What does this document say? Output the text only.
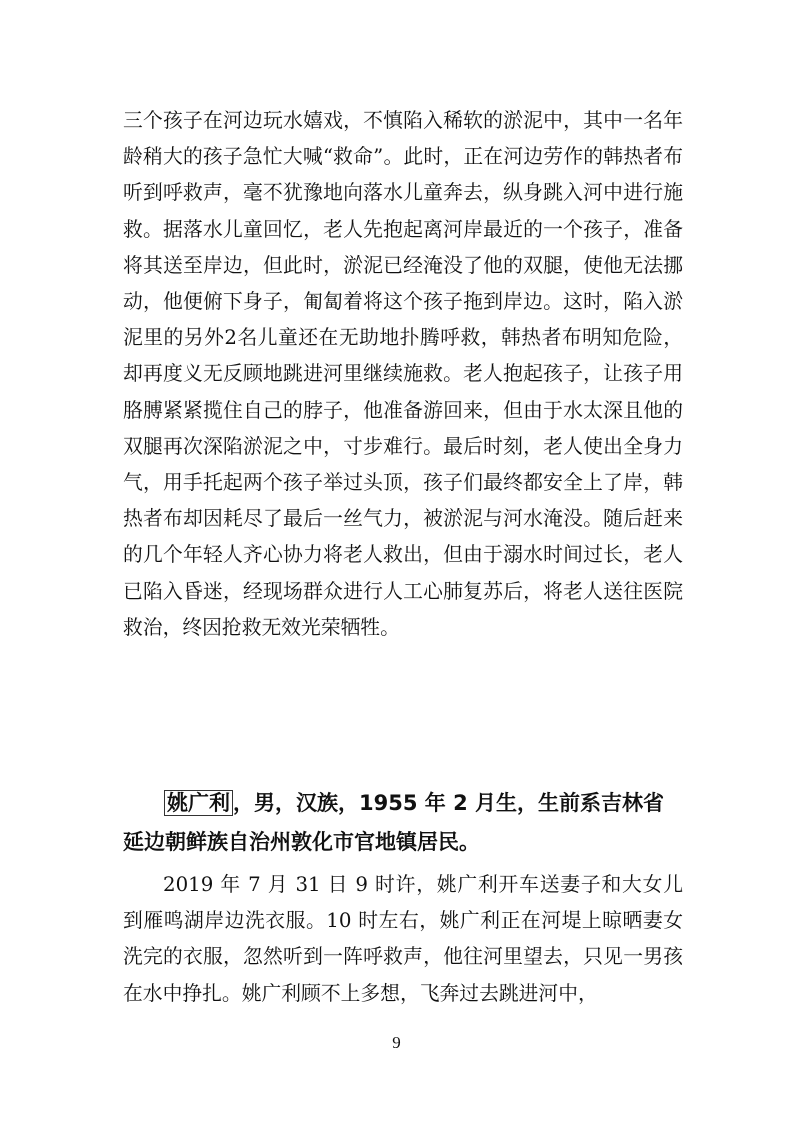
三个孩子在河边玩水嬉戏，不慎陷入稀软的淤泥中，其中一名年龄稍大的孩子急忙大喊“救命”。此时，正在河边劳作的韩热者布听到呼救声，毫不犹豫地向落水儿童奔去，纵身跳入河中进行施救。据落水儿童回忆，老人先抱起离河岸最近的一个孩子，准备将其送至岸边，但此时，淤泥已经淹没了他的双腿，使他无法挪动，他便俯下身子，匍匐着将这个孩子拖到岸边。这时，陷入淤泥里的另外2名儿童还在无助地扑腾呼救，韩热者布明知危险，却再度义无反顾地跳进河里继续施救。老人抱起孩子，让孩子用胳膊紧紧揽住自己的脖子，他准备游回来，但由于水太深且他的双腿再次深陷淤泥之中，寸步难行。最后时刻，老人使出全身力气，用手托起两个孩子举过头顶，孩子们最终都安全上了岸，韩热者布却因耗尽了最后一丝气力，被淤泥与河水淹没。随后赶来的几个年轻人齐心协力将老人救出，但由于溺水时间过长，老人已陷入昏迷，经现场群众进行人工心肺复苏后，将老人送往医院救治，终因抢救无效光荣牺牲。

姚广利 ，男，汉族，1955 年 2 月生，生前系吉林省延边朝鲜族自治州敦化市官地镇居民。

2019 年 7 月 31 日 9 时许，姚广利开车送妻子和大女儿到雁鸣湖岸边洗衣服。10 时左右，姚广利正在河堤上晾晒妻女洗完的衣服，忽然听到一阵呼救声，他往河里望去，只见一男孩在水中挣扎。姚广利顾不上多想，飞奔过去跳进河中，

9
